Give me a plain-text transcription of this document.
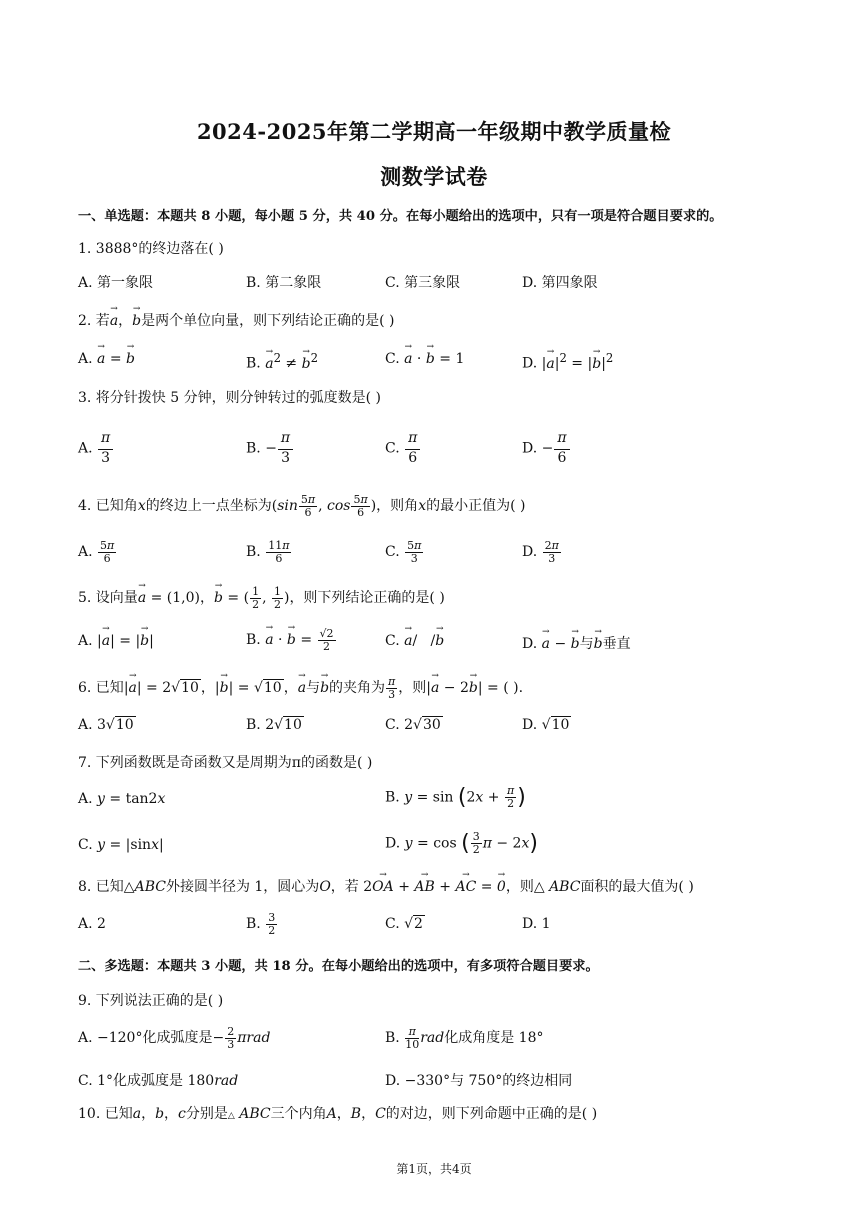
2024-2025年第二学期高一年级期中教学质量检
测数学试卷
一、单选题：本题共 8 小题，每小题 5 分，共 40 分。在每小题给出的选项中，只有一项是符合题目要求的。
1. 3888°的终边落在( )
A. 第一象限	B. 第二象限	C. 第三象限	D. 第四象限
2. 若→ a，→ b是两个单位向量，则下列结论正确的是( )
A. → a = → b	B. → $a^2$ ≠ → $b^2$	C. → a · → b = 1	D. |→ $a|^2$ = |→ $b|^2$
3. 将分针拨快 5 分钟，则分钟转过的弧度数是( )
A. $\frac{\pi}{3}$	B. − $\frac{\pi}{3}$	C. $\frac{\pi}{6}$	D. − $\frac{\pi}{6}$
4. 已知角x的终边上一点坐标为($\sin \frac{5\pi}{6}$ , $\cos \frac{5\pi}{6}$ )，则角x的最小正值为( )
A. $\frac{5\pi}{6}$	B. $\frac{11\pi}{6}$	C. $\frac{5\pi}{3}$	D. $\frac{2\pi}{3}$
5. 设向量→ a = (1,0)，→ b = ( $\frac{1}{2}$ , $\frac{1}{2}$ )，则下列结论正确的是( )
A. |→ a| = |→ b|	B. → a · → $b = \frac{√2}{2}$	C. → a/   /→ b	D. → a − → b与→ b垂直
6. 已知|→ a| = 2√10 ，|→ b| = √10 ，→ a与→ b的夹角为 $\frac{\pi}{3}$ ，则|→ a − 2→ b| = ( ).
A. 3√10	B. 2√10	C. 2√30	D. √10
7. 下列函数既是奇函数又是周期为π的函数是( )
A. y = tan2x	B. $y = \sin (2x + \frac{\pi}{2}$ )
C. y = |sinx|	D. y = cos ( $\frac{3}{2}$ π − 2x)
8. 已知△ABC外接圆半径为 1，圆心为O，若 2→ OA + → AB + → AC = → 0，则△ ABC面积的最大值为( )
A. 2	B. $\frac{3}{2}$	C. √2	D. 1
二、多选题：本题共 3 小题，共 18 分。在每小题给出的选项中，有多项符合题目要求。
9. 下列说法正确的是( )
A. −120°化成弧度是− $\frac{2}{3}$ πrad	B. $\frac{\pi}{10}$ rad化成角度是 18°
C. 1°化成弧度是 180rad	D. −330°与 750°的终边相同
10. 已知a，b，c分别是△ ABC三个内角A，B，C的对边，则下列命题中正确的是( )
第1页，共4页
